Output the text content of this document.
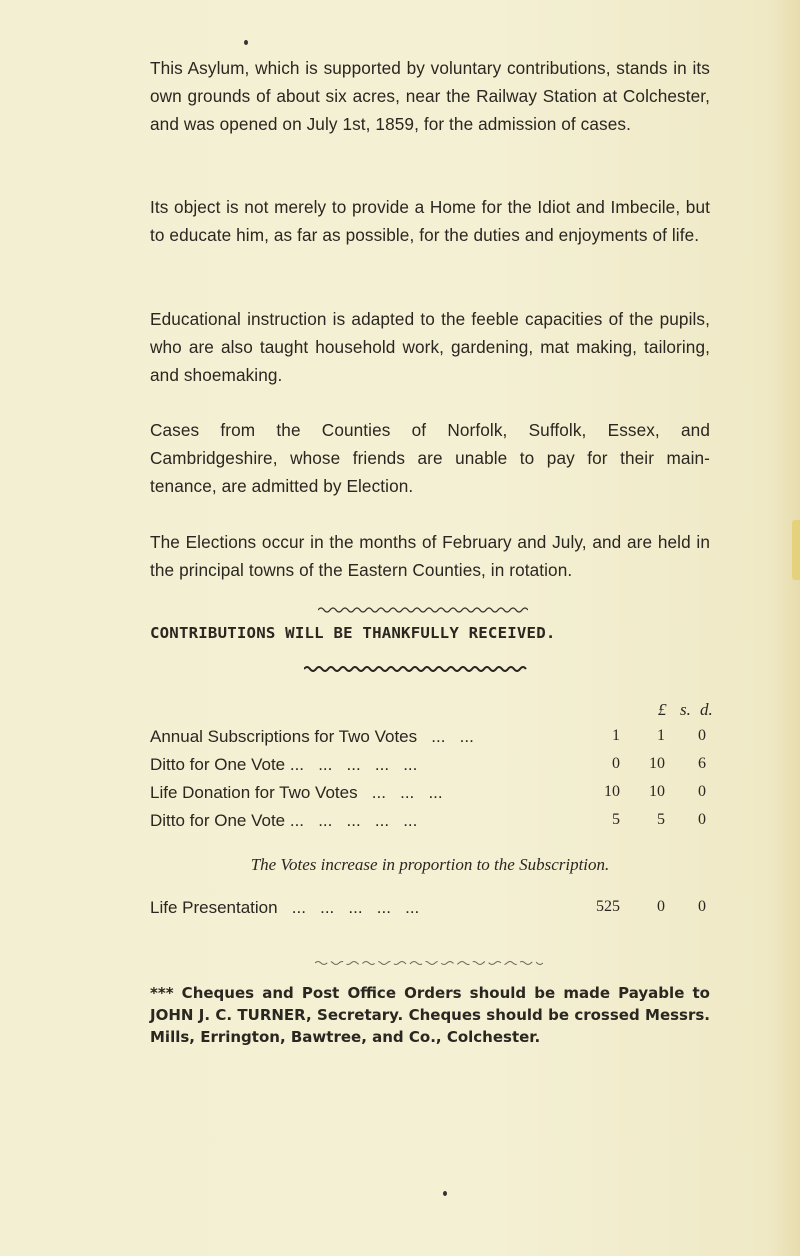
This Asylum, which is supported by voluntary contributions, stands in its own grounds of about six acres, near the Railway Station at Colchester, and was opened on July 1st, 1859, for the admission of cases.

Its object is not merely to provide a Home for the Idiot and Imbecile, but to educate him, as far as possible, for the duties and enjoyments of life.

Educational instruction is adapted to the feeble capacities of the pupils, who are also taught household work, gardening, mat making, tailoring, and shoemaking.

Cases from the Counties of Norfolk, Suffolk, Essex, and Cambridgeshire, whose friends are unable to pay for their main- tenance, are admitted by Election.

The Elections occur in the months of February and July, and are held in the principal towns of the Eastern Counties, in rotation.

CONTRIBUTIONS WILL BE THANKFULLY RECEIVED.

£ s. d.
Annual Subscriptions for Two Votes   ...   ...	1	1	0
Ditto for One Vote ...   ...   ...   ...   ...	0	10	6
Life Donation for Two Votes   ...   ...   ...	10	10	0
Ditto for One Vote ...   ...   ...   ...   ...	5	5	0

The Votes increase in proportion to the Subscription.

Life Presentation   ...   ...   ...   ...   ...	525	0	0

*** Cheques and Post Office Orders should be made Payable to JOHN J. C. TURNER, Secretary. Cheques should be crossed Messrs. Mills, Errington, Bawtree, and Co., Colchester.
